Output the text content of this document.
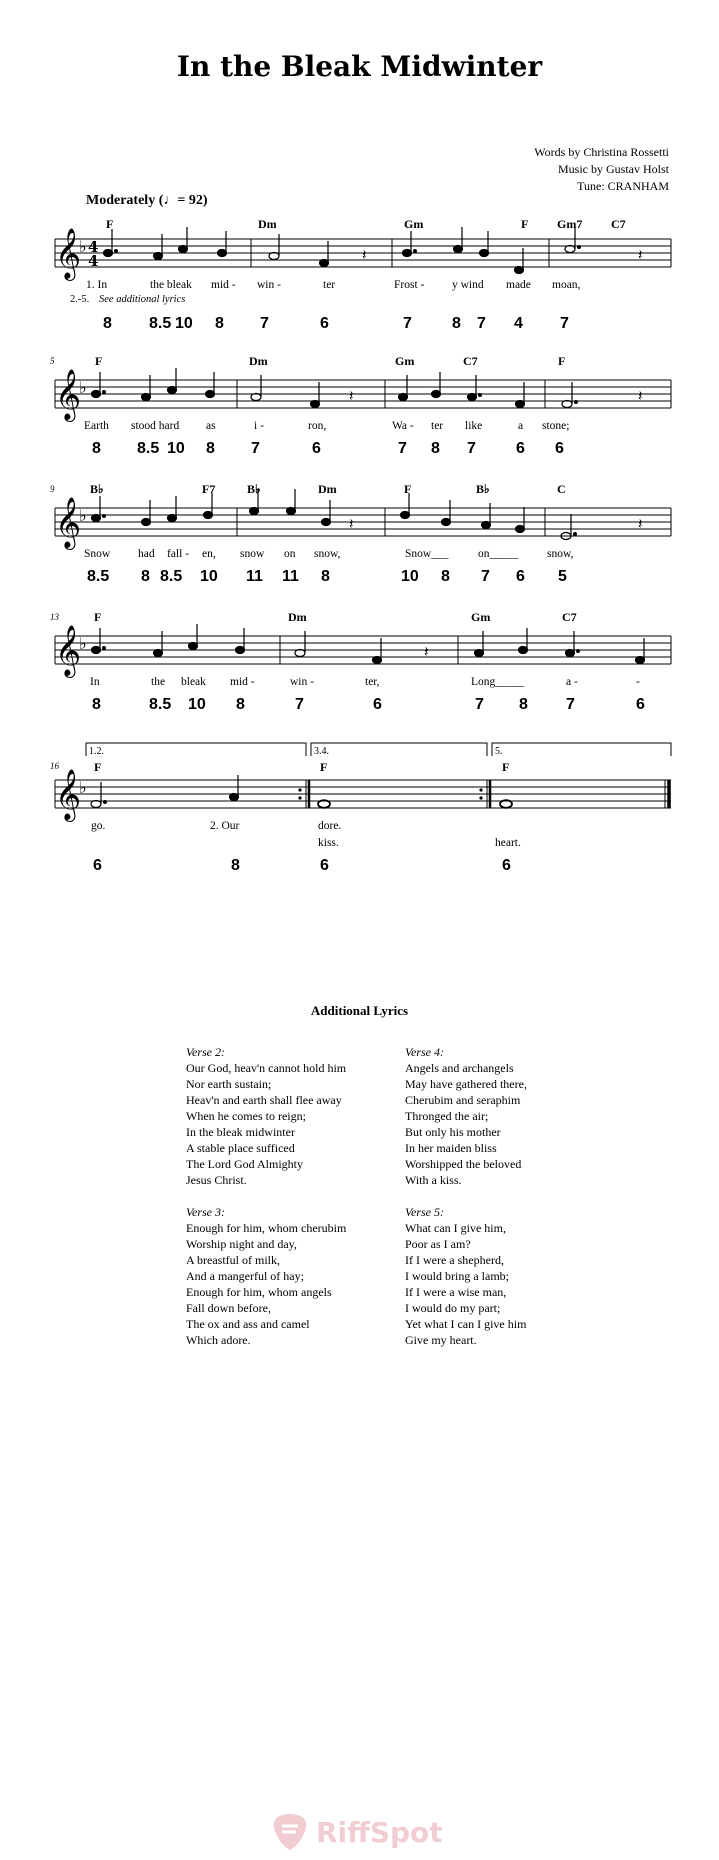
In the Bleak Midwinter
Words by Christina Rossetti
Music by Gustav Holst
Tune: CRANHAM
Moderately (♩= 92)
𝄞
♭ 4
4	𝄽	𝄽
F	Dm	Gm	F Gm7 C7
1. In	the bleak mid - win -	ter	Frost - y wind made moan,
2.-5. See additional lyrics
8 8.5 10 8 7	6	7	8 7 4 7
𝄞
♭	𝄽	𝄽
5	F	Dm	Gm	C7	F
Earth stood hard as	i -	ron,	Wa - ter like	a stone;
8 8.5 10 8 7	6	7 8 7	6 6
𝄞
♭	𝄽	𝄽
9	B♭	F7	B♭	Dm	F	B♭	C
Snow had fall - en, snow on snow,	Snow___	on_____	snow,
8.5 8 8.5 10 11 11 8	10 8 7 6 5
𝄞
♭	𝄽
13	F	Dm	Gm	C7
In	the bleak mid -	win -	ter,	Long_____	a -	-
8	8.5 10 8	7	6	7 8 7	6
𝄞
♭
16
1.2.	3.4.	5.
F	F	F
go.	2. Our	dore.
kiss.	heart.
6	8	6	6
Additional Lyrics
Verse 2:
Our God, heav'n cannot hold him
Nor earth sustain;
Heav'n and earth shall flee away
When he comes to reign;
In the bleak midwinter
A stable place sufficed
The Lord God Almighty
Jesus Christ.
Verse 4:
Angels and archangels
May have gathered there,
Cherubim and seraphim
Thronged the air;
But only his mother
In her maiden bliss
Worshipped the beloved
With a kiss.
Verse 3:
Enough for him, whom cherubim
Worship night and day,
A breastful of milk,
And a mangerful of hay;
Enough for him, whom angels
Fall down before,
The ox and ass and camel
Which adore.
Verse 5:
What can I give him,
Poor as I am?
If I were a shepherd,
I would bring a lamb;
If I were a wise man,
I would do my part;
Yet what I can I give him
Give my heart.
RiffSpot
